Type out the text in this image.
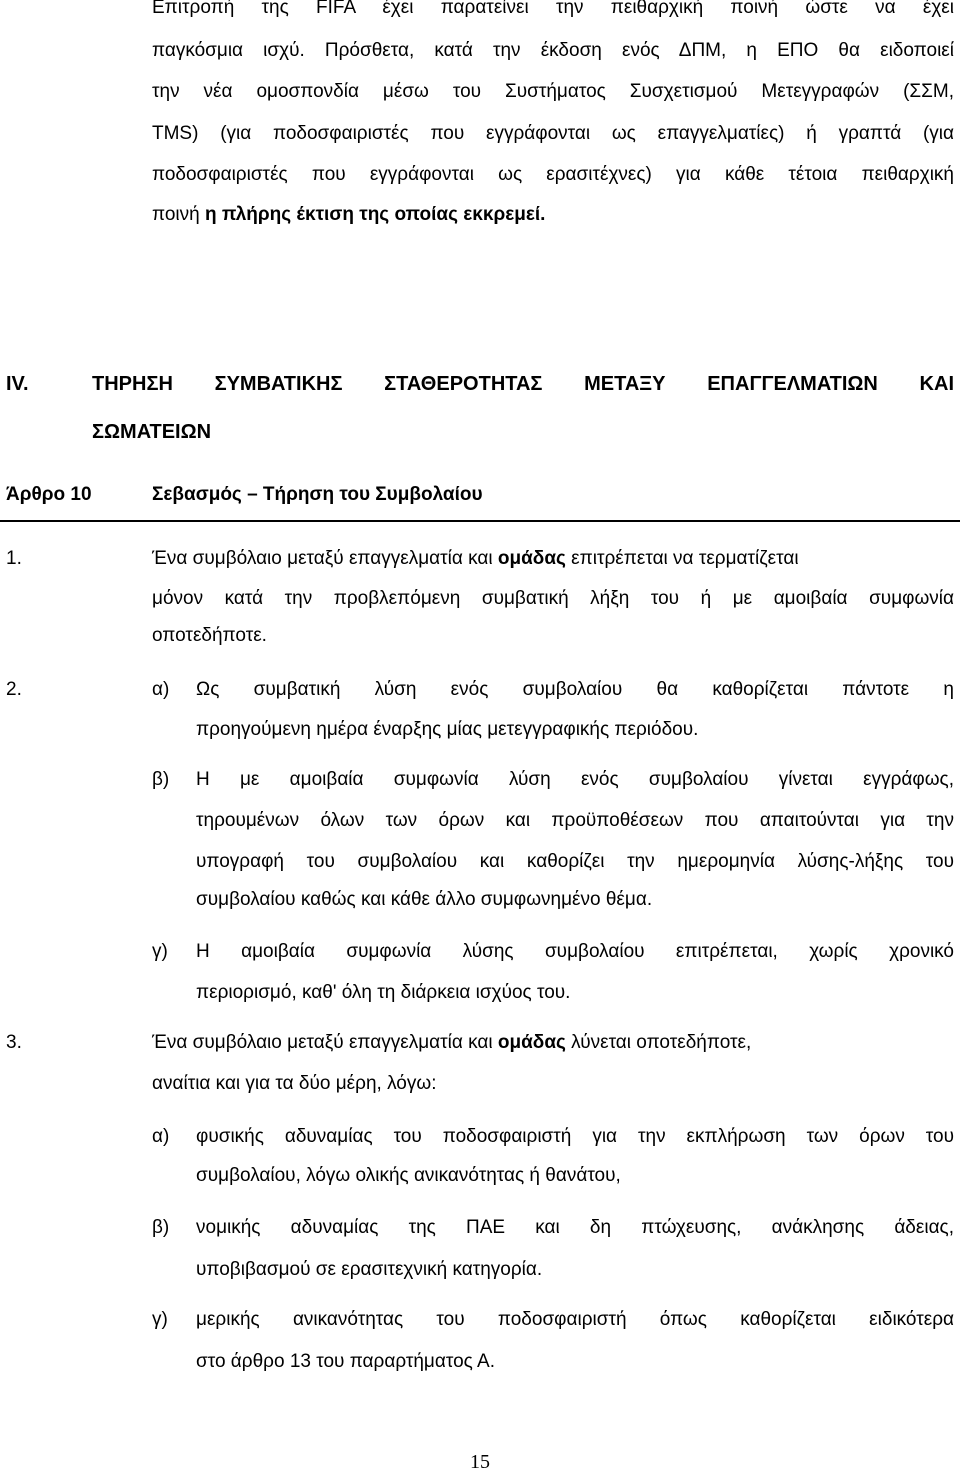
Επιτροπή της FIFA έχει παρατείνει την πειθαρχική ποινή ώστε να έχει
παγκόσμια ισχύ. Πρόσθετα, κατά την έκδοση ενός ΔΠΜ, η ΕΠΟ θα ειδοποιεί
την νέα ομοσπονδία μέσω του Συστήματος Συσχετισμού Μετεγγραφών (ΣΣΜ,
TMS) (για ποδοσφαιριστές που εγγράφονται ως επαγγελματίες) ή γραπτά (για
ποδοσφαιριστές που εγγράφονται ως ερασιτέχνες) για κάθε τέτοια πειθαρχική
ποινή η πλήρης έκτιση της οποίας εκκρεμεί.
IV.	ΤΗΡΗΣΗ ΣΥΜΒΑΤΙΚΗΣ ΣΤΑΘΕΡΟΤΗΤΑΣ ΜΕΤΑΞΥ ΕΠΑΓΓΕΛΜΑΤΙΩΝ ΚΑΙ
ΣΩΜΑΤΕΙΩΝ
Άρθρο 10	Σεβασμός – Τήρηση του Συμβολαίου
1.	Ένα συμβόλαιο μεταξύ επαγγελματία και ομάδας επιτρέπεται να τερματίζεται
μόνον κατά την προβλεπόμενη συμβατική λήξη του ή με αμοιβαία συμφωνία
οποτεδήποτε.
2.	α) Ως συμβατική λύση ενός συμβολαίου θα καθορίζεται πάντοτε η
προηγούμενη ημέρα έναρξης μίας μετεγγραφικής περιόδου.
β) Η με αμοιβαία συμφωνία λύση ενός συμβολαίου γίνεται εγγράφως,
τηρουμένων όλων των όρων και προϋποθέσεων που απαιτούνται για την
υπογραφή του συμβολαίου και καθορίζει την ημερομηνία λύσης-λήξης του
συμβολαίου καθώς και κάθε άλλο συμφωνημένο θέμα.
γ) Η αμοιβαία συμφωνία λύσης συμβολαίου επιτρέπεται, χωρίς χρονικό
περιορισμό, καθ' όλη τη διάρκεια ισχύος του.
3.	Ένα συμβόλαιο μεταξύ επαγγελματία και ομάδας λύνεται οποτεδήποτε,
αναίτια και για τα δύο μέρη, λόγω:
α) φυσικής αδυναμίας του ποδοσφαιριστή για την εκπλήρωση των όρων του
συμβολαίου, λόγω ολικής ανικανότητας ή θανάτου,
β) νομικής αδυναμίας της ΠΑΕ και δη πτώχευσης, ανάκλησης άδειας,
υποβιβασμού σε ερασιτεχνική κατηγορία.
γ) μερικής ανικανότητας του ποδοσφαιριστή όπως καθορίζεται ειδικότερα
στο άρθρο 13 του παραρτήματος Α.
15
